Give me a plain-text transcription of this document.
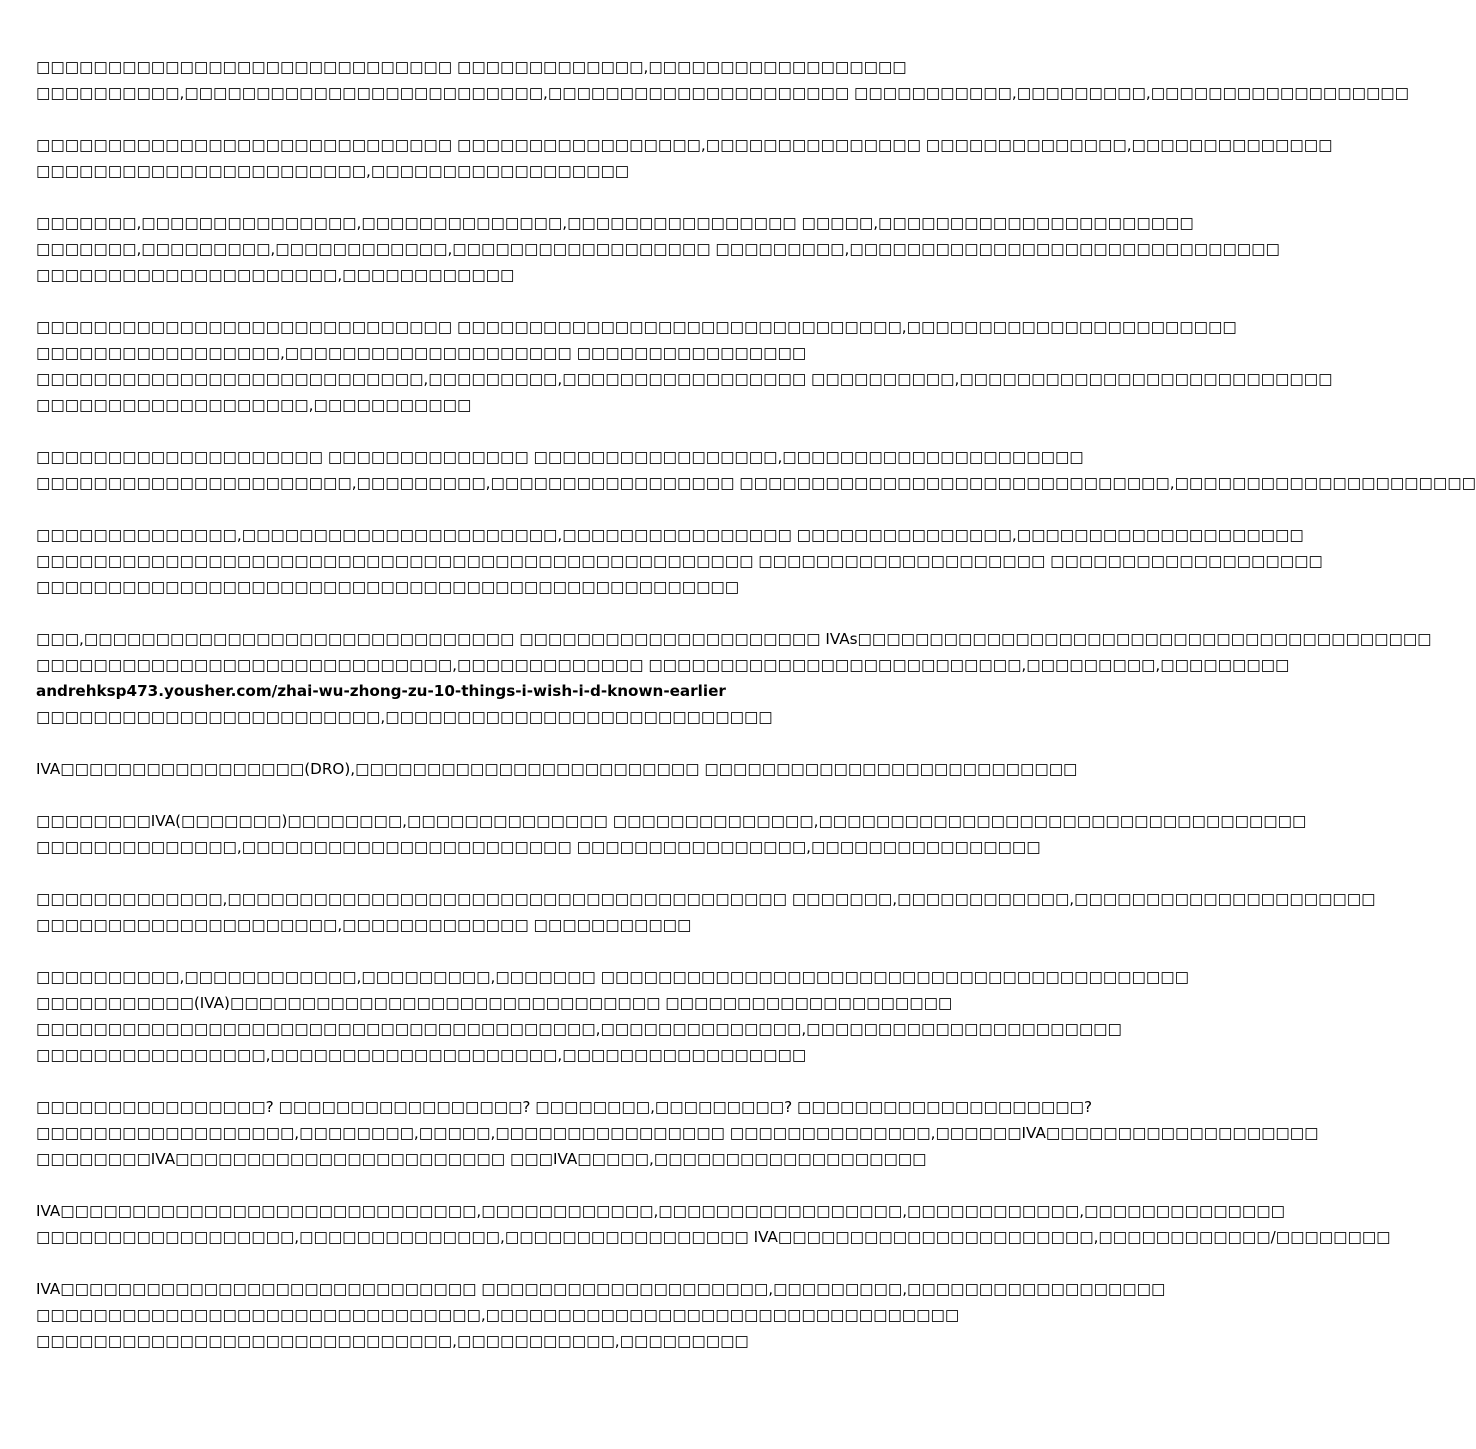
□□□□□□□□□□□□□□□□□□□□□□□□□□□□□ □□□□□□□□□□□□□,□□□□□□□□□□□□□□□□□□
□□□□□□□□□□,□□□□□□□□□□□□□□□□□□□□□□□□□,□□□□□□□□□□□□□□□□□□□□□ □□□□□□□□□□□,□□□□□□□□□,□□□□□□□□□□□□□□□□□□

□□□□□□□□□□□□□□□□□□□□□□□□□□□□□ □□□□□□□□□□□□□□□□□,□□□□□□□□□□□□□□□ □□□□□□□□□□□□□□,□□□□□□□□□□□□□□
□□□□□□□□□□□□□□□□□□□□□□□,□□□□□□□□□□□□□□□□□□

□□□□□□□,□□□□□□□□□□□□□□□,□□□□□□□□□□□□□□,□□□□□□□□□□□□□□□□ □□□□□,□□□□□□□□□□□□□□□□□□□□□□
□□□□□□□,□□□□□□□□□,□□□□□□□□□□□□,□□□□□□□□□□□□□□□□□□ □□□□□□□□□,□□□□□□□□□□□□□□□□□□□□□□□□□□□□□□
□□□□□□□□□□□□□□□□□□□□□,□□□□□□□□□□□□

□□□□□□□□□□□□□□□□□□□□□□□□□□□□□ □□□□□□□□□□□□□□□□□□□□□□□□□□□□□□□,□□□□□□□□□□□□□□□□□□□□□□□
□□□□□□□□□□□□□□□□□,□□□□□□□□□□□□□□□□□□□□ □□□□□□□□□□□□□□□□
□□□□□□□□□□□□□□□□□□□□□□□□□□□,□□□□□□□□□,□□□□□□□□□□□□□□□□□ □□□□□□□□□□,□□□□□□□□□□□□□□□□□□□□□□□□□□
□□□□□□□□□□□□□□□□□□□,□□□□□□□□□□□

□□□□□□□□□□□□□□□□□□□□ □□□□□□□□□□□□□□ □□□□□□□□□□□□□□□□□,□□□□□□□□□□□□□□□□□□□□□
□□□□□□□□□□□□□□□□□□□□□□,□□□□□□□□□,□□□□□□□□□□□□□□□□□ □□□□□□□□□□□□□□□□□□□□□□□□□□□□□□,□□□□□□□□□□□□□□□□□□□□□

□□□□□□□□□□□□□□,□□□□□□□□□□□□□□□□□□□□□□,□□□□□□□□□□□□□□□□ □□□□□□□□□□□□□□□,□□□□□□□□□□□□□□□□□□□□
□□□□□□□□□□□□□□□□□□□□□□□□□□□□□□□□□□□□□□□□□□□□□□□□□□ □□□□□□□□□□□□□□□□□□□□ □□□□□□□□□□□□□□□□□□□
□□□□□□□□□□□□□□□□□□□□□□□□□□□□□□□□□□□□□□□□□□□□□□□□□

□□□,□□□□□□□□□□□□□□□□□□□□□□□□□□□□□□ □□□□□□□□□□□□□□□□□□□□□ IVAs□□□□□□□□□□□□□□□□□□□□□□□□□□□□□□□□□□□□□□□□
□□□□□□□□□□□□□□□□□□□□□□□□□□□□□,□□□□□□□□□□□□□ □□□□□□□□□□□□□□□□□□□□□□□□□□,□□□□□□□□□,□□□□□□□□□
andrehksp473.yousher.com/zhai-wu-zhong-zu-10-things-i-wish-i-d-known-earlier
□□□□□□□□□□□□□□□□□□□□□□□□,□□□□□□□□□□□□□□□□□□□□□□□□□□□

IVA□□□□□□□□□□□□□□□□□(DRO),□□□□□□□□□□□□□□□□□□□□□□□□ □□□□□□□□□□□□□□□□□□□□□□□□□□

□□□□□□□□IVA(□□□□□□□)□□□□□□□□,□□□□□□□□□□□□□□ □□□□□□□□□□□□□□,□□□□□□□□□□□□□□□□□□□□□□□□□□□□□□□□□□
□□□□□□□□□□□□□□,□□□□□□□□□□□□□□□□□□□□□□□ □□□□□□□□□□□□□□□□,□□□□□□□□□□□□□□□□

□□□□□□□□□□□□□,□□□□□□□□□□□□□□□□□□□□□□□□□□□□□□□□□□□□□□□ □□□□□□□,□□□□□□□□□□□□,□□□□□□□□□□□□□□□□□□□□□
□□□□□□□□□□□□□□□□□□□□□,□□□□□□□□□□□□□ □□□□□□□□□□□

□□□□□□□□□□,□□□□□□□□□□□□,□□□□□□□□□,□□□□□□□ □□□□□□□□□□□□□□□□□□□□□□□□□□□□□□□□□□□□□□□□□
□□□□□□□□□□□(IVA)□□□□□□□□□□□□□□□□□□□□□□□□□□□□□□ □□□□□□□□□□□□□□□□□□□□
□□□□□□□□□□□□□□□□□□□□□□□□□□□□□□□□□□□□□□□,□□□□□□□□□□□□□□,□□□□□□□□□□□□□□□□□□□□□□
□□□□□□□□□□□□□□□□,□□□□□□□□□□□□□□□□□□□□,□□□□□□□□□□□□□□□□□

□□□□□□□□□□□□□□□□? □□□□□□□□□□□□□□□□□? □□□□□□□□,□□□□□□□□□? □□□□□□□□□□□□□□□□□□□□?
□□□□□□□□□□□□□□□□□□,□□□□□□□□,□□□□□,□□□□□□□□□□□□□□□□ □□□□□□□□□□□□□□,□□□□□□IVA□□□□□□□□□□□□□□□□□□□
□□□□□□□□IVA□□□□□□□□□□□□□□□□□□□□□□□ □□□IVA□□□□□,□□□□□□□□□□□□□□□□□□□

IVA□□□□□□□□□□□□□□□□□□□□□□□□□□□□□,□□□□□□□□□□□□,□□□□□□□□□□□□□□□□□,□□□□□□□□□□□□,□□□□□□□□□□□□□□
□□□□□□□□□□□□□□□□□□,□□□□□□□□□□□□□□,□□□□□□□□□□□□□□□□□ IVA□□□□□□□□□□□□□□□□□□□□□□,□□□□□□□□□□□□/□□□□□□□□

IVA□□□□□□□□□□□□□□□□□□□□□□□□□□□□□ □□□□□□□□□□□□□□□□□□□□,□□□□□□□□□,□□□□□□□□□□□□□□□□□□
□□□□□□□□□□□□□□□□□□□□□□□□□□□□□□□,□□□□□□□□□□□□□□□□□□□□□□□□□□□□□□□□□
□□□□□□□□□□□□□□□□□□□□□□□□□□□□□,□□□□□□□□□□□,□□□□□□□□□
